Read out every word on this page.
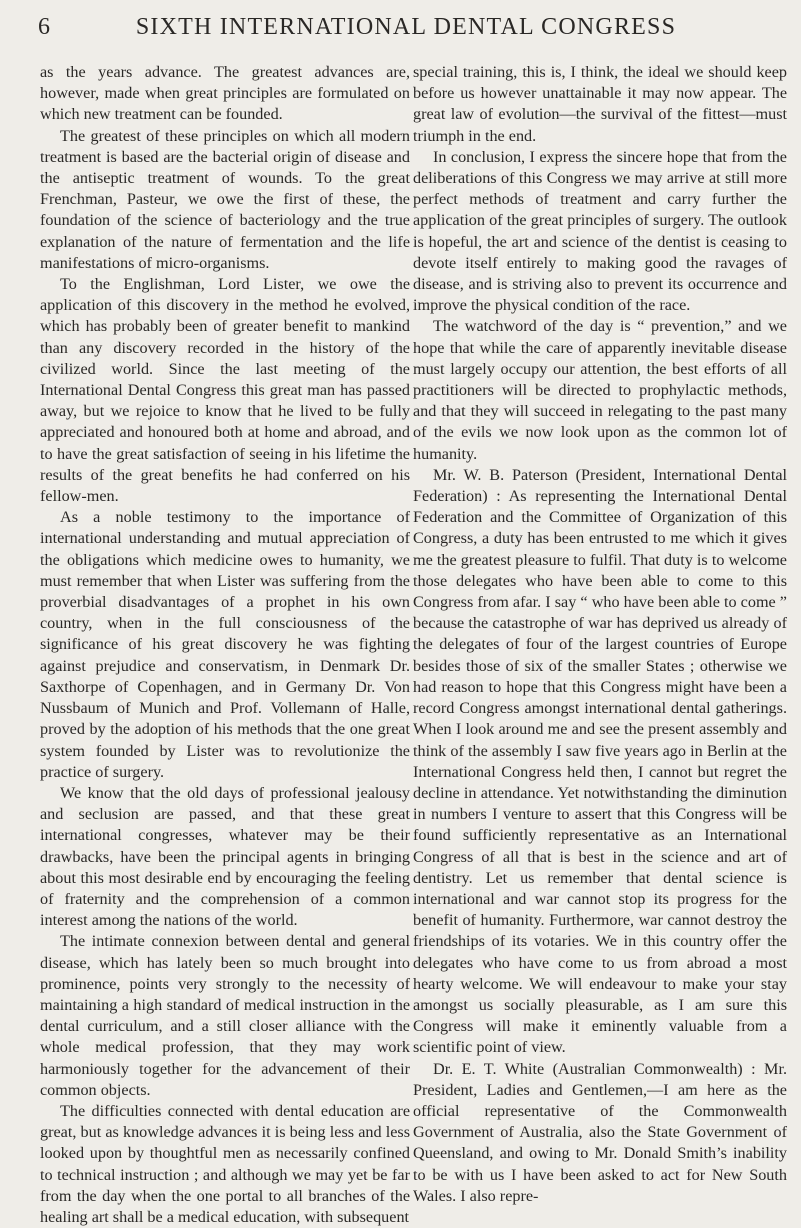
6	SIXTH INTERNATIONAL DENTAL CONGRESS

as the years advance. The greatest advances are, however, made when great principles are formulated on which new treatment can be founded.

The greatest of these principles on which all modern treatment is based are the bacterial origin of disease and the antiseptic treatment of wounds. To the great Frenchman, Pasteur, we owe the first of these, the foundation of the science of bacteriology and the true explanation of the nature of fermentation and the life manifestations of micro-organisms.

To the Englishman, Lord Lister, we owe the application of this discovery in the method he evolved, which has probably been of greater benefit to mankind than any discovery recorded in the history of the civilized world. Since the last meeting of the International Dental Congress this great man has passed away, but we rejoice to know that he lived to be fully appreciated and honoured both at home and abroad, and to have the great satisfaction of seeing in his lifetime the results of the great benefits he had conferred on his fellow-men.

As a noble testimony to the importance of international understanding and mutual appreciation of the obligations which medicine owes to humanity, we must remember that when Lister was suffering from the proverbial disadvantages of a prophet in his own country, when in the full consciousness of the significance of his great discovery he was fighting against prejudice and conservatism, in Denmark Dr. Saxthorpe of Copenhagen, and in Germany Dr. Von Nussbaum of Munich and Prof. Vollemann of Halle, proved by the adoption of his methods that the one great system founded by Lister was to revolutionize the practice of surgery.

We know that the old days of professional jealousy and seclusion are passed, and that these great international congresses, whatever may be their drawbacks, have been the principal agents in bringing about this most desirable end by encouraging the feeling of fraternity and the comprehension of a common interest among the nations of the world.

The intimate connexion between dental and general disease, which has lately been so much brought into prominence, points very strongly to the necessity of maintaining a high standard of medical instruction in the dental curriculum, and a still closer alliance with the whole medical profession, that they may work harmoniously together for the advancement of their common objects.

The difficulties connected with dental education are great, but as knowledge advances it is being less and less looked upon by thoughtful men as necessarily confined to technical instruction ; and although we may yet be far from the day when the one portal to all branches of the healing art shall be a medical education, with subsequent

special training, this is, I think, the ideal we should keep before us however unattainable it may now appear. The great law of evolution—the survival of the fittest—must triumph in the end.

In conclusion, I express the sincere hope that from the deliberations of this Congress we may arrive at still more perfect methods of treatment and carry further the application of the great principles of surgery. The outlook is hopeful, the art and science of the dentist is ceasing to devote itself entirely to making good the ravages of disease, and is striving also to prevent its occurrence and improve the physical condition of the race.

The watchword of the day is “ prevention,” and we hope that while the care of apparently inevitable disease must largely occupy our attention, the best efforts of all practitioners will be directed to prophylactic methods, and that they will succeed in relegating to the past many of the evils we now look upon as the common lot of humanity.

Mr. W. B. Paterson (President, International Dental Federation) : As representing the International Dental Federation and the Committee of Organization of this Congress, a duty has been entrusted to me which it gives me the greatest pleasure to fulfil. That duty is to welcome those delegates who have been able to come to this Congress from afar. I say “ who have been able to come ” because the catastrophe of war has deprived us already of the delegates of four of the largest countries of Europe besides those of six of the smaller States ; otherwise we had reason to hope that this Congress might have been a record Congress amongst international dental gatherings. When I look around me and see the present assembly and think of the assembly I saw five years ago in Berlin at the International Congress held then, I cannot but regret the decline in attendance. Yet notwithstanding the diminution in numbers I venture to assert that this Congress will be found sufficiently representative as an International Congress of all that is best in the science and art of dentistry. Let us remember that dental science is international and war cannot stop its progress for the benefit of humanity. Furthermore, war cannot destroy the friendships of its votaries. We in this country offer the delegates who have come to us from abroad a most hearty welcome. We will endeavour to make your stay amongst us socially pleasurable, as I am sure this Congress will make it eminently valuable from a scientific point of view.

Dr. E. T. White (Australian Commonwealth) : Mr. President, Ladies and Gentlemen,—I am here as the official representative of the Commonwealth Government of Australia, also the State Government of Queensland, and owing to Mr. Donald Smith’s inability to be with us I have been asked to act for New South Wales. I also repre-
